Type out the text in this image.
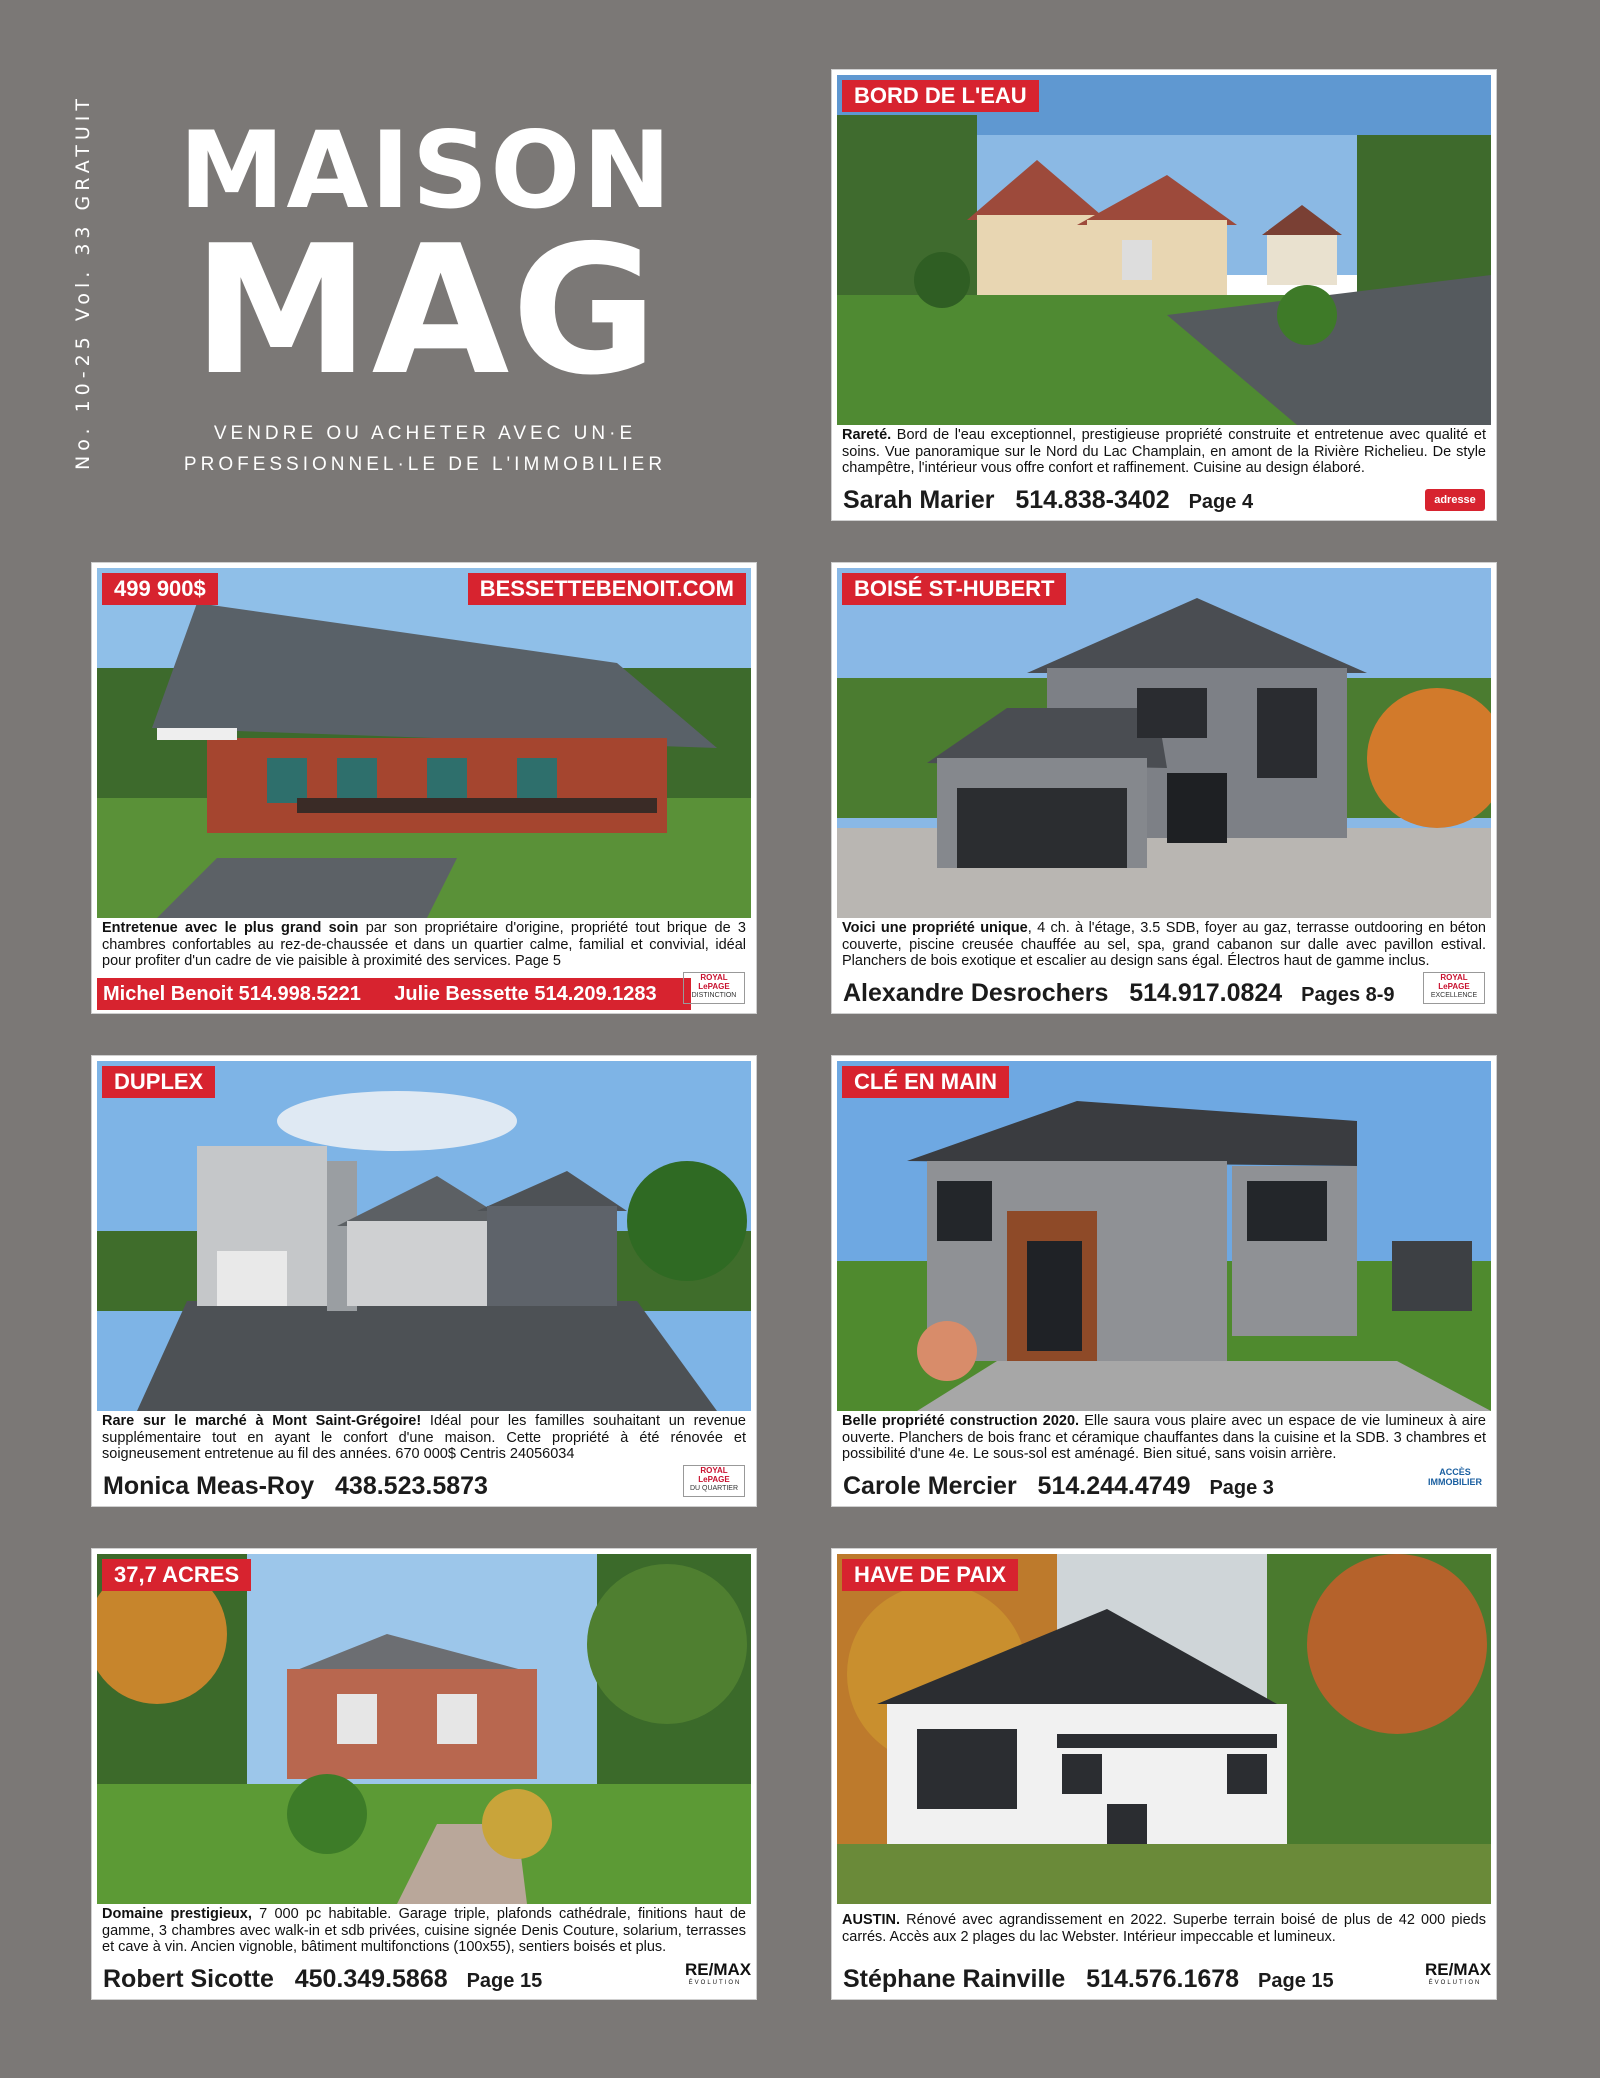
No. 10-25 Vol. 33 GRATUIT MAISON
MAG
VENDRE OU ACHETER AVEC UN·E
PROFESSIONNEL·LE DE L'IMMOBILIER
BORD DE L'EAU
Rareté. Bord de l'eau exceptionnel, prestigieuse propriété construite et entretenue avec qualité et soins. Vue panoramique sur le Nord du Lac Champlain, en amont de la Rivière Richelieu. De style champêtre, l'intérieur vous offre confort et raffinement. Cuisine au design élaboré.
Sarah Marier 514.838-3402 Page 4	adresse
499 900$	BESSETTEBENOIT.COM
Entretenue avec le plus grand soin par son propriétaire d'origine, propriété tout brique de 3 chambres confortables au rez-de-chaussée et dans un quartier calme, familial et convivial, idéal pour profiter d'un cadre de vie paisible à proximité des services. Page 5
Michel Benoit 514.998.5221 Julie Bessette 514.209.1283
ROYAL LePAGE
DISTINCTION
BOISÉ ST-HUBERT
Voici une propriété unique, 4 ch. à l'étage, 3.5 SDB, foyer au gaz, terrasse outdooring en béton couverte, piscine creusée chauffée au sel, spa, grand cabanon sur dalle avec pavillon estival. Planchers de bois exotique et escalier au design sans égal. Électros haut de gamme inclus.
Alexandre Desrochers 514.917.0824 Pages 8-9
ROYAL LePAGE
EXCELLENCE
DUPLEX
Rare sur le marché à Mont Saint-Grégoire! Idéal pour les familles souhaitant un revenue supplémentaire tout en ayant le confort d'une maison. Cette propriété à été rénovée et soigneusement entretenue au fil des années. 670 000$ Centris 24056034
Monica Meas-Roy 438.523.5873
ROYAL LePAGE
DU QUARTIER
CLÉ EN MAIN
Belle propriété construction 2020. Elle saura vous plaire avec un espace de vie lumineux à aire ouverte. Planchers de bois franc et céramique chauffantes dans la cuisine et la SDB. 3 chambres et possibilité d'une 4e. Le sous-sol est aménagé. Bien situé, sans voisin arrière.
Carole Mercier 514.244.4749 Page 3
ACCÈS IMMOBILIER
37,7 ACRES
Domaine prestigieux, 7 000 pc habitable. Garage triple, plafonds cathédrale, finitions haut de gamme, 3 chambres avec walk-in et sdb privées, cuisine signée Denis Couture, solarium, terrasses et cave à vin. Ancien vignoble, bâtiment multifonctions (100x55), sentiers boisés et plus.
Robert Sicotte 450.349.5868 Page 15
RE/MAX
ÉVOLUTION
HAVE DE PAIX
AUSTIN. Rénové avec agrandissement en 2022. Superbe terrain boisé de plus de 42 000 pieds carrés. Accès aux 2 plages du lac Webster. Intérieur impeccable et lumineux.
Stéphane Rainville 514.576.1678 Page 15
RE/MAX
ÉVOLUTION
